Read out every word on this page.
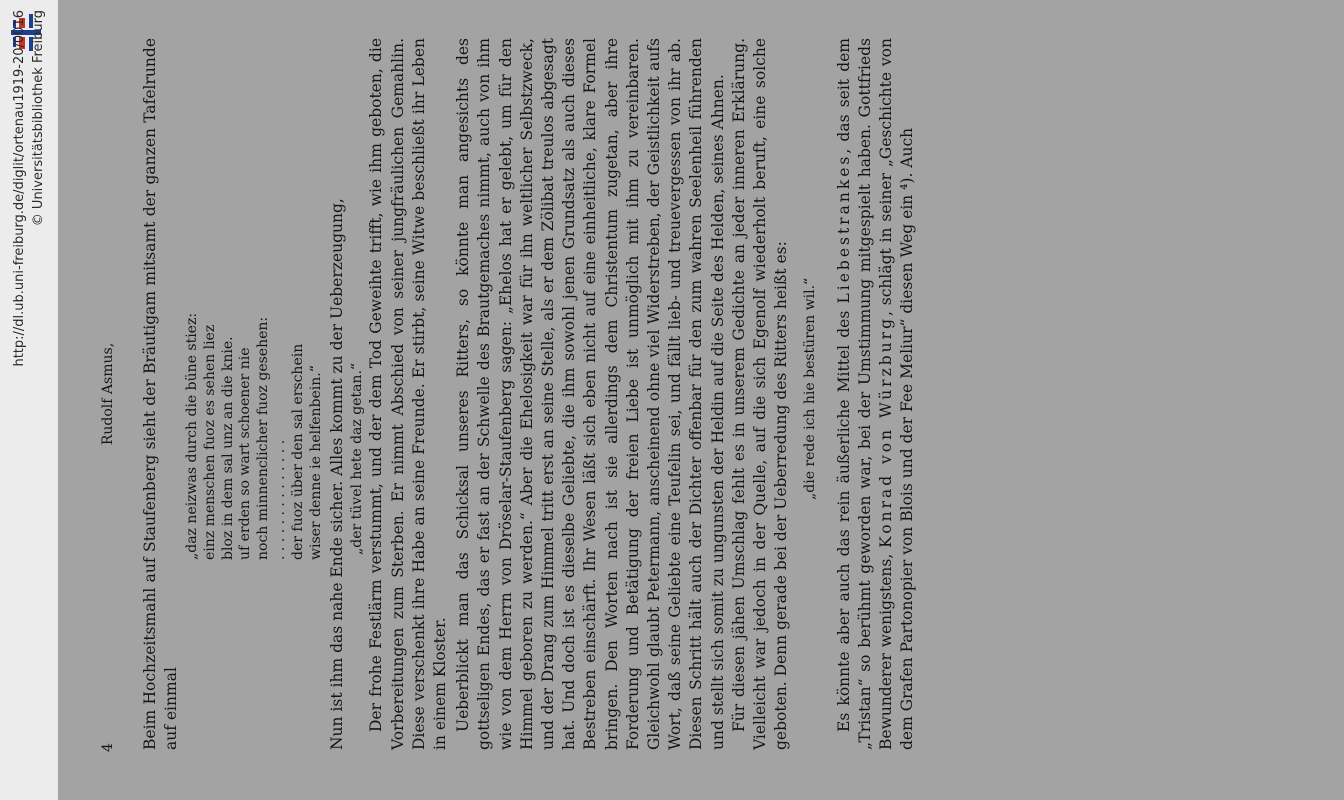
http://dl.ub.uni-freiburg.de/diglit/ortenau1919-20/0016 © Universitätsbibliothek Freiburg
4
Rudolf Asmus, Beim Hochzeitsmahl auf Staufenberg sieht der Bräutigam mitsamt der ganzen Tafelrunde auf einmal

„daz neizwas durch die büne stiez: einz menschen fuoz es sehen liez bloz in dem sal unz an die knie. uf erden so wart schoener nie noch minnenclicher fuoz gesehen: . . . . . . . . . . . . . . der fuoz über den sal erschein wiser denne ie helfenbein.“ Nun ist ihm das nahe Ende sicher. Alles kommt zu der Ueberzeugung, „der tüvel hete daz getan.“ Der frohe Festlärm verstummt, und der dem Tod Geweihte trifft, wie ihm geboten, die Vorbereitungen zum Sterben. Er nimmt Abschied von seiner jungfräulichen Gemahlin. Diese verschenkt ihre Habe an seine Freunde. Er stirbt, seine Witwe beschließt ihr Leben in einem Kloster. Ueberblickt man das Schicksal unseres Ritters, so könnte man angesichts des gottseligen Endes, das er fast an der Schwelle des Brautgemaches nimmt, auch von ihm wie von dem Herrn von Dröselar-Staufenberg sagen: „Ehelos hat er gelebt, um für den Himmel geboren zu werden.“ Aber die Ehelosigkeit war für ihn weltlicher Selbstzweck, und der Drang zum Himmel tritt erst an seine Stelle, als er dem Zölibat treulos abgesagt hat. Und doch ist es dieselbe Geliebte, die ihm sowohl jenen Grundsatz als auch dieses Bestreben einschärft. Ihr Wesen läßt sich eben nicht auf eine einheitliche, klare Formel bringen. Den Worten nach ist sie allerdings dem Christentum zugetan, aber ihre Forderung und Betätigung der freien Liebe ist unmöglich mit ihm zu vereinbaren. Gleichwohl glaubt Petermann, anscheinend ohne viel Widerstreben, der Geistlichkeit aufs Wort, daß seine Geliebte eine Teufelin sei, und fällt lieb- und treuevergessen von ihr ab. Diesen Schritt hält auch der Dichter offenbar für den zum wahren Seelenheil führenden und stellt sich somit zu ungunsten der Heldin auf die Seite des Helden, seines Ahnen. Für diesen jähen Umschlag fehlt es in unserem Gedichte an jeder inneren Erklärung. Vielleicht war jedoch in der Quelle, auf die sich Egenolf wiederholt beruft, eine solche geboten. Denn gerade bei der Ueberredung des Ritters heißt es: „die rede ich hie bestüren wil.“ Es könnte aber auch das rein äußerliche Mittel des Liebestrankes, das seit dem „Tristan“ so berühmt geworden war, bei der Umstimmung mitgespielt haben. Gottfrieds Bewunderer wenigstens, Konrad von Würzburg, schlägt in seiner „Geschichte von dem Grafen Partonopier von Blois und der Fee Meliur“ diesen Weg ein ⁴). Auch
